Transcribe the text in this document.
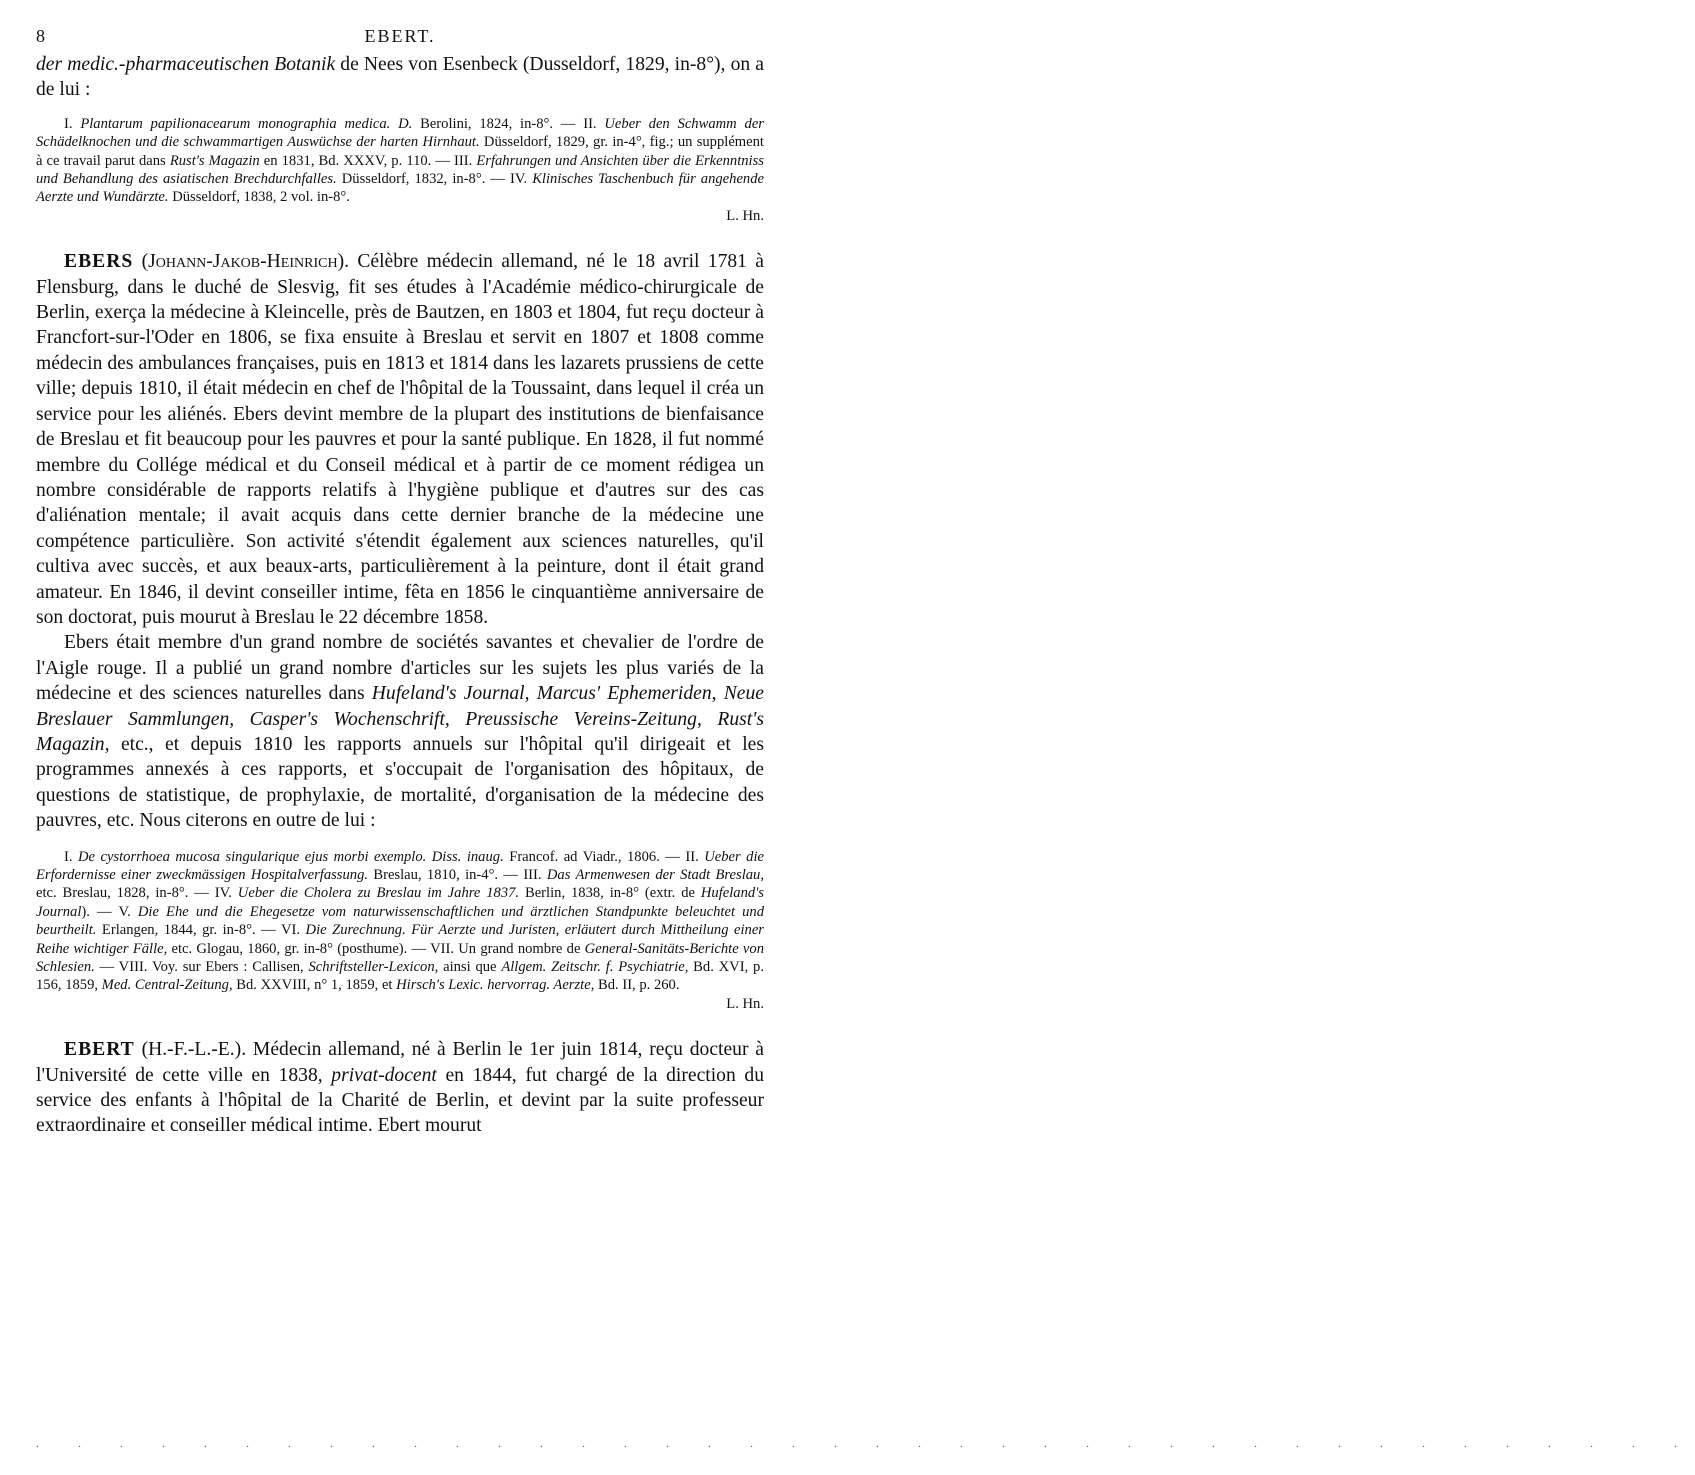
8	EBERT.

der medic.-pharmaceutischen Botanik de Nees von Esenbeck (Dusseldorf, 1829, in-8°), on a de lui :

I. Plantarum papilionacearum monographia medica. D. Berolini, 1824, in-8°. — II. Ueber den Schwamm der Schädelknochen und die schwammartigen Auswüchse der harten Hirnhaut. Düsseldorf, 1829, gr. in-4°, fig.; un supplément à ce travail parut dans Rust's Magazin en 1831, Bd. XXXV, p. 110. — III. Erfahrungen und Ansichten über die Erkenntniss und Behandlung des asiatischen Brechdurchfalles. Düsseldorf, 1832, in-8°. — IV. Klinisches Taschenbuch für angehende Aerzte und Wundärzte. Düsseldorf, 1838, 2 vol. in-8°.

L. Hn.

EBERS (Johann-Jakob-Heinrich). Célèbre médecin allemand, né le 18 avril 1781 à Flensburg, dans le duché de Slesvig, fit ses études à l'Académie médico-chirurgicale de Berlin, exerça la médecine à Kleincelle, près de Bautzen, en 1803 et 1804, fut reçu docteur à Francfort-sur-l'Oder en 1806, se fixa ensuite à Breslau et servit en 1807 et 1808 comme médecin des ambulances françaises, puis en 1813 et 1814 dans les lazarets prussiens de cette ville; depuis 1810, il était médecin en chef de l'hôpital de la Toussaint, dans lequel il créa un service pour les aliénés. Ebers devint membre de la plupart des institutions de bienfaisance de Breslau et fit beaucoup pour les pauvres et pour la santé publique. En 1828, il fut nommé membre du Collége médical et du Conseil médical et à partir de ce moment rédigea un nombre considérable de rapports relatifs à l'hygiène publique et d'autres sur des cas d'aliénation mentale; il avait acquis dans cette dernier branche de la médecine une compétence particulière. Son activité s'étendit également aux sciences naturelles, qu'il cultiva avec succès, et aux beaux-arts, particulièrement à la peinture, dont il était grand amateur. En 1846, il devint conseiller intime, fêta en 1856 le cinquantième anniversaire de son doctorat, puis mourut à Breslau le 22 décembre 1858.

Ebers était membre d'un grand nombre de sociétés savantes et chevalier de l'ordre de l'Aigle rouge. Il a publié un grand nombre d'articles sur les sujets les plus variés de la médecine et des sciences naturelles dans Hufeland's Journal, Marcus' Ephemeriden, Neue Breslauer Sammlungen, Casper's Wochenschrift, Preussische Vereins-Zeitung, Rust's Magazin, etc., et depuis 1810 les rapports annuels sur l'hôpital qu'il dirigeait et les programmes annexés à ces rapports, et s'occupait de l'organisation des hôpitaux, de questions de statistique, de prophylaxie, de mortalité, d'organisation de la médecine des pauvres, etc. Nous citerons en outre de lui :

I. De cystorrhoea mucosa singularique ejus morbi exemplo. Diss. inaug. Francof. ad Viadr., 1806. — II. Ueber die Erfordernisse einer zweckmässigen Hospitalverfassung. Breslau, 1810, in-4°. — III. Das Armenwesen der Stadt Breslau, etc. Breslau, 1828, in-8°. — IV. Ueber die Cholera zu Breslau im Jahre 1837. Berlin, 1838, in-8° (extr. de Hufeland's Journal). — V. Die Ehe und die Ehegesetze vom naturwissenschaftlichen und ärztlichen Standpunkte beleuchtet und beurtheilt. Erlangen, 1844, gr. in-8°. — VI. Die Zurechnung. Für Aerzte und Juristen, erläutert durch Mittheilung einer Reihe wichtiger Fälle, etc. Glogau, 1860, gr. in-8° (posthume). — VII. Un grand nombre de General-Sanitäts-Berichte von Schlesien. — VIII. Voy. sur Ebers : Callisen, Schriftsteller-Lexicon, ainsi que Allgem. Zeitschr. f. Psychiatrie, Bd. XVI, p. 156, 1859, Med. Central-Zeitung, Bd. XXVIII, n° 1, 1859, et Hirsch's Lexic. hervorrag. Aerzte, Bd. II, p. 260.

L. Hn.

EBERT (H.-F.-L.-E.). Médecin allemand, né à Berlin le 1er juin 1814, reçu docteur à l'Université de cette ville en 1838, privat-docent en 1844, fut chargé de la direction du service des enfants à l'hôpital de la Charité de Berlin, et devint par la suite professeur extraordinaire et conseiller médical intime. Ebert mourut

. . . . . . . . . . . . . . . . . . . . . . . . . . . . . . . . . . . . . . . .
